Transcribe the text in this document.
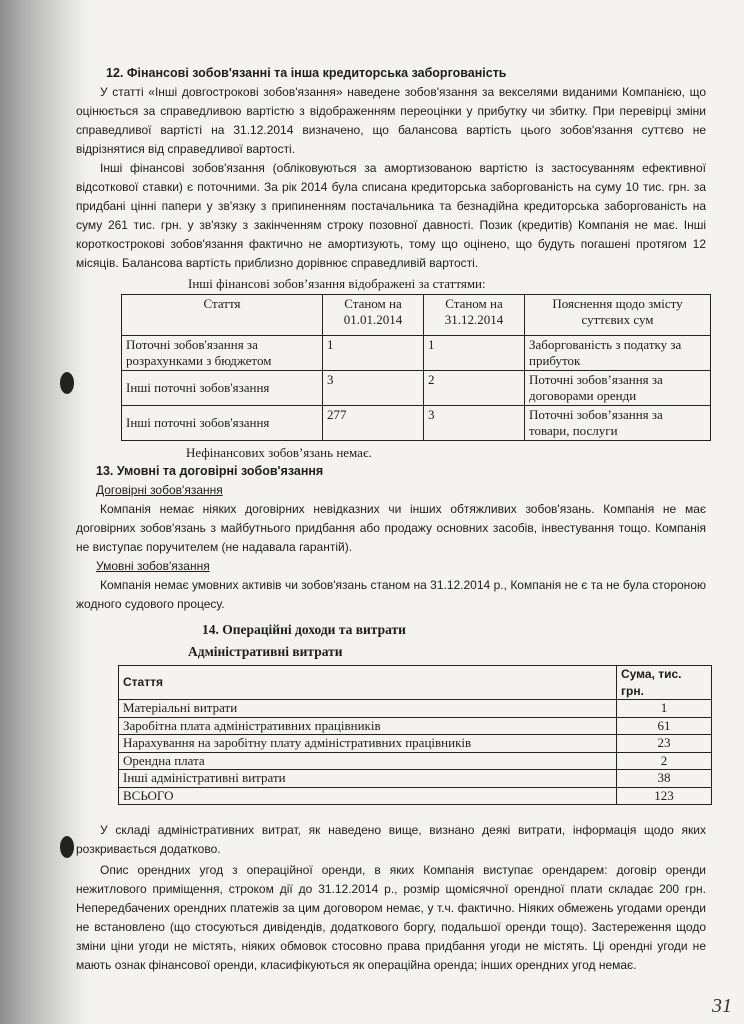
12. Фінансові зобов'язанні та інша кредиторська заборгованість

У статті «Інші довгострокові зобов'язання» наведене зобов'язання за векселями виданими Компанією, що оцінюється за справедливою вартістю з відображенням переоцінки у прибутку чи збитку. При перевірці зміни справедливої вартісті на 31.12.2014 визначено, що балансова вартість цього зобов'язання суттєво не відрізнятися від справедливої вартості.

Інші фінансові зобов'язання (обліковуються за амортизованою вартістю із застосуванням ефективної відсоткової ставки) є поточними. За рік 2014 була списана кредиторська заборгованість на суму 10 тис. грн. за придбані цінні папери у зв'язку з припиненням постачальника та безнадійна кредиторська заборгованість на суму 261 тис. грн. у зв'язку з закінченням строку позовної давності. Позик (кредитів) Компанія не має. Інші короткострокові зобов'язання фактично не амортизують, тому що оцінено, що будуть погашені протягом 12 місяців. Балансова вартість приблизно дорівнює справедливій вартості.

Інші фінансові зобов’язання відображені за статтями:
Стаття	Станом на 01.01.2014	Станом на 31.12.2014	Пояснення щодо змісту суттєвих сум
Поточні зобов'язання за розрахунками з бюджетом	1	1	Заборгованість з податку за прибуток
Інші поточні зобов'язання	3	2	Поточні зобов’язання за договорами оренди
Інші поточні зобов'язання	277	3	Поточні зобов’язання за товари, послуги
Нефінансових зобов’язань немає.

13. Умовні та договірні зобов'язання

Договірні зобов'язання

Компанія немає ніяких договірних невідказних чи інших обтяжливих зобов'язань. Компанія не має договірних зобов'язань з майбутнього придбання або продажу основних засобів, інвестування тощо. Компанія не виступає поручителем (не надавала гарантій).

Умовні зобов'язання

Компанія немає умовних активів чи зобов'язань станом на 31.12.2014 р., Компанія не є та не була стороною жодного судового процесу.

14. Операційні доходи та витрати
Адміністративні витрати
Стаття	Сума, тис. грн.
Матеріальні витрати	1
Заробітна плата адміністративних працівників	61
Нарахування на заробітну плату адміністративних працівників	23
Орендна плата	2
Інші адміністративні витрати	38
ВСЬОГО	123

У складі адміністративних витрат, як наведено вище, визнано деякі витрати, інформація щодо яких розкривається додатково.

Опис орендних угод з операційної оренди, в яких Компанія виступає орендарем: договір оренди нежитлового приміщення, строком дії до 31.12.2014 р., розмір щомісячної орендної плати складає 200 грн. Непередбачених орендних платежів за цим договором немає, у т.ч. фактично. Ніяких обмежень угодами оренди не встановлено (що стосуються дивідендів, додаткового боргу, подальшої оренди тощо). Застереження щодо зміни ціни угоди не містять, ніяких обмовок стосовно права придбання угоди не містять. Ці орендні угоди не мають ознак фінансової оренди, класифікуються як операційна оренда; інших орендних угод немає.

31
